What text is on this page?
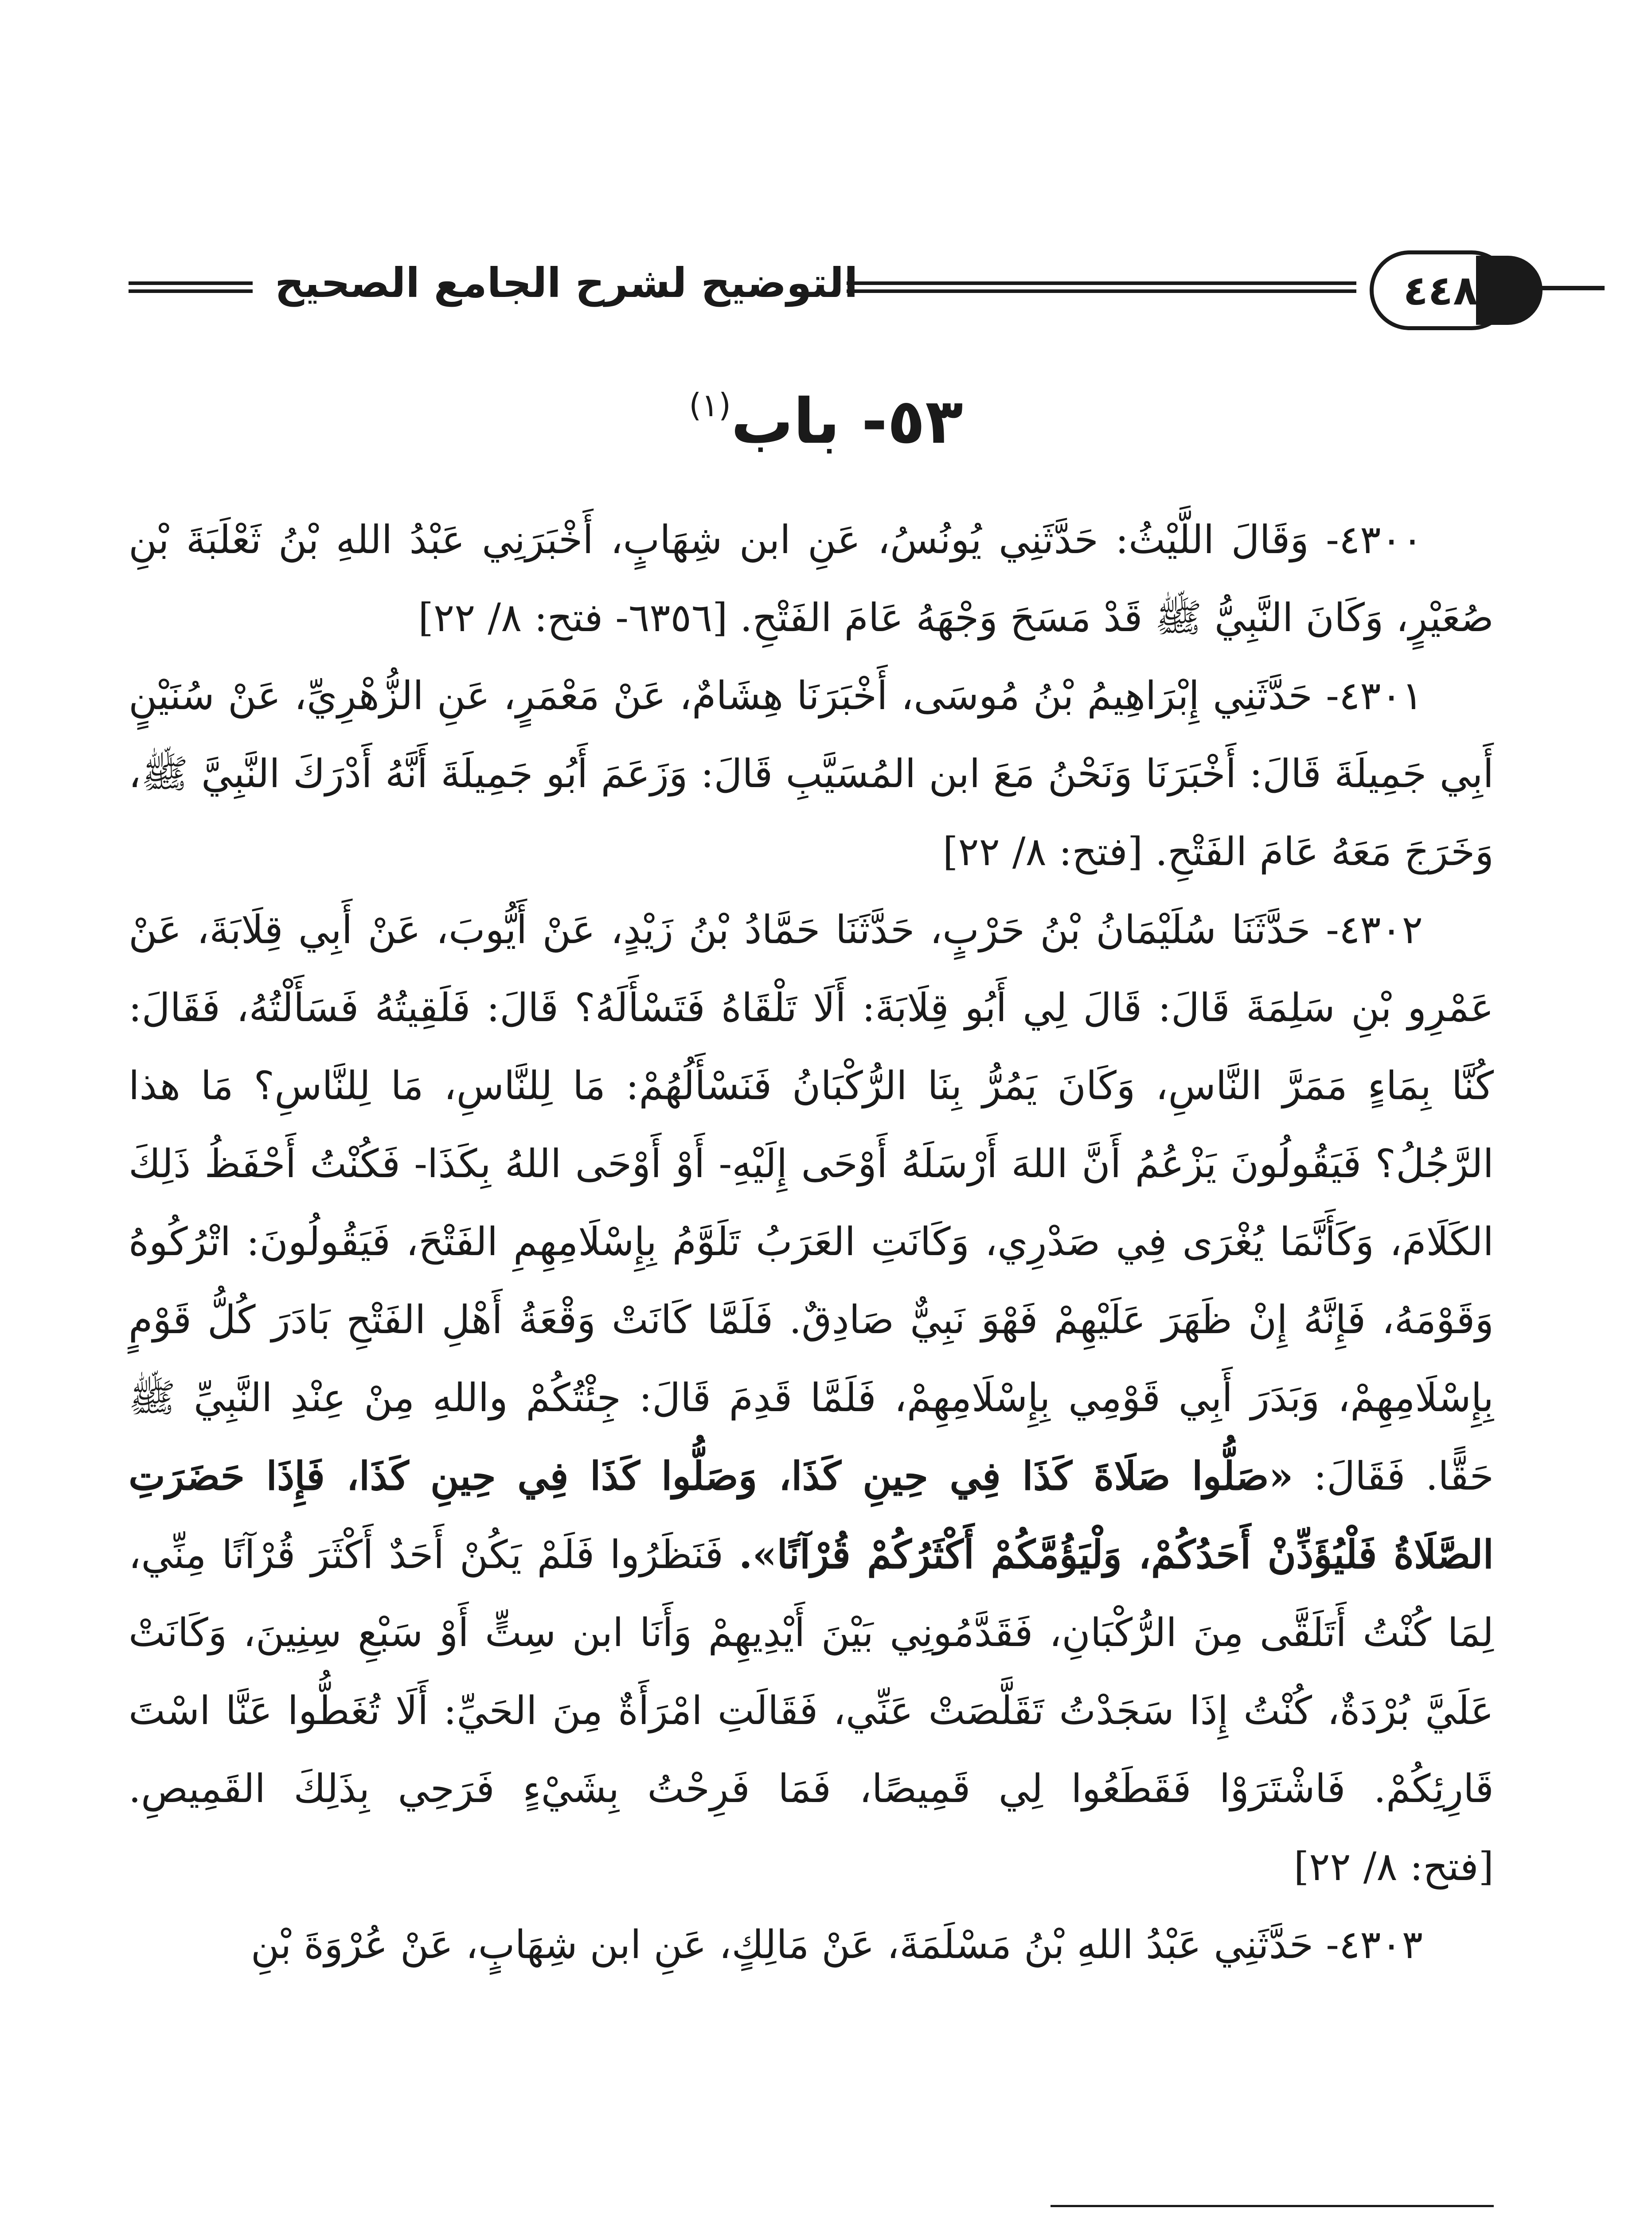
التوضيح لشرح الجامع الصحيح	٤٤٨
٥٣- باب$^{(١)}$

٤٣٠٠- وَقَالَ اللَّيْثُ: حَدَّثَنِي يُونُسُ، عَنِ ابن شِهَابٍ، أَخْبَرَنِي عَبْدُ اللهِ بْنُ ثَعْلَبَةَ بْنِ صُعَيْرٍ، وَكَانَ النَّبِيُّ ﷺ قَدْ مَسَحَ وَجْهَهُ عَامَ الفَتْحِ. [٦٣٥٦- فتح: ٨/ ٢٢]

٤٣٠١- حَدَّثَنِي إِبْرَاهِيمُ بْنُ مُوسَى، أَخْبَرَنَا هِشَامٌ، عَنْ مَعْمَرٍ، عَنِ الزُّهْرِيِّ، عَنْ سُنَيْنٍ أَبِي جَمِيلَةَ قَالَ: أَخْبَرَنَا وَنَحْنُ مَعَ ابن المُسَيَّبِ قَالَ: وَزَعَمَ أَبُو جَمِيلَةَ أَنَّهُ أَدْرَكَ النَّبِيَّ ﷺ، وَخَرَجَ مَعَهُ عَامَ الفَتْحِ. [فتح: ٨/ ٢٢]

٤٣٠٢- حَدَّثَنَا سُلَيْمَانُ بْنُ حَرْبٍ، حَدَّثَنَا حَمَّادُ بْنُ زَيْدٍ، عَنْ أَيُّوبَ، عَنْ أَبِي قِلَابَةَ، عَنْ عَمْرِو بْنِ سَلِمَةَ قَالَ: قَالَ لِي أَبُو قِلَابَةَ: أَلَا تَلْقَاهُ فَتَسْأَلَهُ؟ قَالَ: فَلَقِيتُهُ فَسَأَلْتُهُ، فَقَالَ: كُنَّا بِمَاءٍ مَمَرَّ النَّاسِ، وَكَانَ يَمُرُّ بِنَا الرُّكْبَانُ فَنَسْأَلُهُمْ: مَا لِلنَّاسِ، مَا لِلنَّاسِ؟ مَا هذا الرَّجُلُ؟ فَيَقُولُونَ يَزْعُمُ أَنَّ اللهَ أَرْسَلَهُ أَوْحَى إِلَيْهِ- أَوْ أَوْحَى اللهُ بِكَذَا- فَكُنْتُ أَحْفَظُ ذَلِكَ الكَلَامَ، وَكَأَنَّمَا يُغْرَى فِي صَدْرِي، وَكَانَتِ العَرَبُ تَلَوَّمُ بِإِسْلَامِهِمِ الفَتْحَ، فَيَقُولُونَ: اتْرُكُوهُ وَقَوْمَهُ، فَإِنَّهُ إِنْ ظَهَرَ عَلَيْهِمْ فَهْوَ نَبِيٌّ صَادِقٌ. فَلَمَّا كَانَتْ وَقْعَةُ أَهْلِ الفَتْحِ بَادَرَ كُلُّ قَوْمٍ بِإِسْلَامِهِمْ، وَبَدَرَ أَبِي قَوْمِي بِإِسْلَامِهِمْ، فَلَمَّا قَدِمَ قَالَ: جِئْتُكُمْ واللهِ مِنْ عِنْدِ النَّبِيِّ ﷺ حَقًّا. فَقَالَ: «صَلُّوا صَلَاةَ كَذَا فِي حِينِ كَذَا، وَصَلُّوا كَذَا فِي حِينِ كَذَا، فَإِذَا حَضَرَتِ الصَّلَاةُ فَلْيُؤَذِّنْ أَحَدُكُمْ، وَلْيَؤُمَّكُمْ أَكْثَرُكُمْ قُرْآنًا». فَنَظَرُوا فَلَمْ يَكُنْ أَحَدٌ أَكْثَرَ قُرْآنًا مِنِّي، لِمَا كُنْتُ أَتَلَقَّى مِنَ الرُّكْبَانِ، فَقَدَّمُونِي بَيْنَ أَيْدِيهِمْ وَأَنَا ابن سِتٍّ أَوْ سَبْعِ سِنِينَ، وَكَانَتْ عَلَيَّ بُرْدَةٌ، كُنْتُ إِذَا سَجَدْتُ تَقَلَّصَتْ عَنِّي، فَقَالَتِ امْرَأَةٌ مِنَ الحَيِّ: أَلَا تُغَطُّوا عَنَّا اسْتَ قَارِئِكُمْ. فَاشْتَرَوْا فَقَطَعُوا لِي قَمِيصًا، فَمَا فَرِحْتُ بِشَيْءٍ فَرَحِي بِذَلِكَ القَمِيصِ. [فتح: ٨/ ٢٢]

٤٣٠٣- حَدَّثَنِي عَبْدُ اللهِ بْنُ مَسْلَمَةَ، عَنْ مَالِكٍ، عَنِ ابن شِهَابٍ، عَنْ عُرْوَةَ بْنِ
